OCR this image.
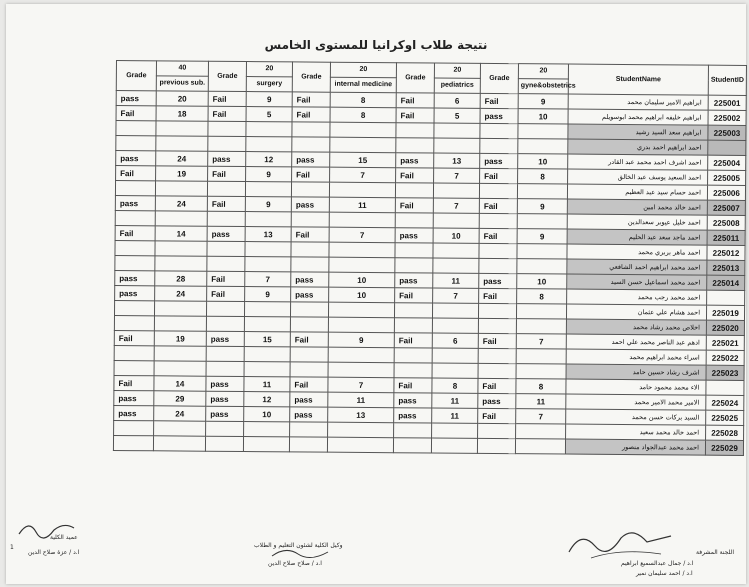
نتيجة طلاب اوكرانيا للمستوى الخامس
Grade	40	Grade	20	Grade	20	Grade	20	Grade	20	StudentName	StudentID
	previous sub.		surgery		internal medicine		pediatrics		gyne&obstetrics		
pass	20	Fail	9	Fail	8	Fail	6	Fail	9	ابراهيم الامير سليمان محمد	225001
Fail	18	Fail	5	Fail	8	Fail	5	pass	10	ابراهيم خليفه ابراهيم محمد ابوسويلم	225002
										ابراهيم سعد السيد رشيد	225003
										احمد ابراهيم احمد بدري	
pass	24	pass	12	pass	15	pass	13	pass	10	احمد اشرف احمد محمد عبد القادر	225004
Fail	19	Fail	9	Fail	7	Fail	7	Fail	8	احمد السعيد يوسف عبد الخالق	225005
										احمد حسام سيد عبد العظيم	225006
pass	24	Fail	9	pass	11	Fail	7	Fail	9	احمد خالد محمد امين	225007
										احمد خليل عيوبر سعدالدين	225008
Fail	14	pass	13	Fail	7	pass	10	Fail	9	احمد ماجد سعد عبد الحليم	225011
										احمد ماهر بربري محمد	225012
										احمد محمد ابراهيم احمد الشافعي	225013
pass	28	Fail	7	pass	10	pass	11	pass	10	احمد محمد اسماعيل حسن السيد	225014
pass	24	Fail	9	pass	10	Fail	7	Fail	8	احمد محمد رجب محمد	
										احمد هشام علي عثمان	225019
										اخلاص محمد رشاد محمد	225020
Fail	19	pass	15	Fail	9	Fail	6	Fail	7	ادهم عبد الناصر محمد علي احمد	225021
										اسراء محمد ابراهيم محمد	225022
										اشرف رشاد حسين حامد	225023
Fail	14	pass	11	Fail	7	Fail	8	Fail	8	الاء محمد محمود حامد	
pass	29	pass	12	pass	11	pass	11	pass	11	الامير محمد الامير محمد	225024
pass	24	pass	10	pass	13	pass	11	Fail	7	السيد بركات حسن محمد	225025
										احمد خالد محمد سعيد	225028
										احمد محمد عبدالجواد منصور	225029
عميد الكلية
ا.د / عزة صلاح الدين
1	وكيل الكلية لشئون التعليم و الطلاب
ا.د / صلاح صلاح الدين
اللجنة المشرفة
ا.د / جمال عبدالسميع ابراهيم
ا.د / احمد سليمان نمير
